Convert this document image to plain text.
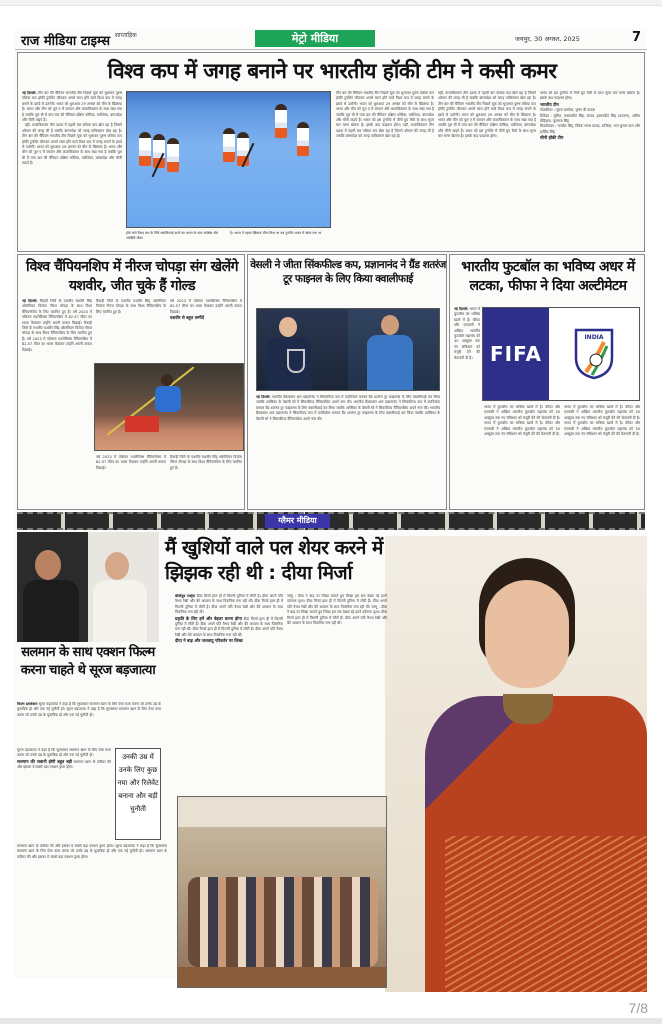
राज मीडिया टाइम्स साप्ताहिक	मेट्रो मीडिया	जयपुर, 30 अगस्त, 2025	7
विश्व कप में जगह बनाने पर भारतीय हॉकी टीम ने कसी कमर
नई दिल्ली। तीन बार की चैंपियन भारतीय टीम पिछले चूक को भुलाकर पुरुष एशिया कप हॉकी टूर्नामेंट जीतकर अगले साल होने वाले विश्व कप में जगह बनाने के इरादे से उतरेगी। भारत को शुरुआत 29 अगस्त को चीन के खिलाफ है। भारत और चीन को पूल ए में जापान और कजाकिस्तान के साथ रखा गया है जबकि पूल बी में पांच बार की चैंपियन दक्षिण कोरिया, मलेशिया, बांग्लादेश और चीनी ताइपे हैं।
वहीं, कजाकिस्तान तीन दशक में पहली बार एशिया कप खेल रहा है जिसने ओमान की जगह ली है जबकि बांग्लादेश को जगह पाकिस्तान खेल रहा है। तीन बार की चैंपियन भारतीय टीम पिछले चूक को भुलाकर पुरुष एशिया कप हॉकी टूर्नामेंट जीतकर अगले साल होने वाले विश्व कप में जगह बनाने के इरादे से उतरेगी। भारत को शुरुआत 29 अगस्त को चीन के खिलाफ है। भारत और चीन को पूल ए में जापान और कजाकिस्तान के साथ रखा गया है जबकि पूल बी में पांच बार की चैंपियन दक्षिण कोरिया, मलेशिया, बांग्लादेश और चीनी ताइपे हैं।
होने वाले विश्व कप के लिये क्वालिफाई करने का भारत के पास सर्वश्रेष्ठ और आखिरी मौका
है। भारत ने पहला खिताब जीता तिया था तब टूर्नामेंट भारत में खेला गया था
तीन बार की चैंपियन भारतीय टीम पिछले चूक को भुलाकर पुरुष एशिया कप हॉकी टूर्नामेंट जीतकर अगले साल होने वाले विश्व कप में जगह बनाने के इरादे से उतरेगी। भारत को शुरुआत 29 अगस्त को चीन के खिलाफ है। भारत और चीन को पूल ए में जापान और कजाकिस्तान के साथ रखा गया है जबकि पूल बी में पांच बार की चैंपियन दक्षिण कोरिया, मलेशिया, बांग्लादेश और चीनी ताइपे हैं। भारत को इस टूर्नामेंट में तीनों ग्रुप मैचों के साथ सुपर चार चरण खेलना है। इसके बाद फाइनल होगा। वहीं, कजाकिस्तान तीन दशक में पहली बार एशिया कप खेल रहा है जिसने ओमान की जगह ली है जबकि बांग्लादेश को जगह पाकिस्तान खेल रहा है।
वहीं, कजाकिस्तान तीन दशक में पहली बार एशिया कप खेल रहा है जिसने ओमान की जगह ली है जबकि बांग्लादेश को जगह पाकिस्तान खेल रहा है। तीन बार की चैंपियन भारतीय टीम पिछले चूक को भुलाकर पुरुष एशिया कप हॉकी टूर्नामेंट जीतकर अगले साल होने वाले विश्व कप में जगह बनाने के इरादे से उतरेगी। भारत को शुरुआत 29 अगस्त को चीन के खिलाफ है। भारत और चीन को पूल ए में जापान और कजाकिस्तान के साथ रखा गया है जबकि पूल बी में पांच बार की चैंपियन दक्षिण कोरिया, मलेशिया, बांग्लादेश और चीनी ताइपे हैं। भारत को इस टूर्नामेंट में तीनों ग्रुप मैचों के साथ सुपर चार चरण खेलना है। इसके बाद फाइनल होगा।
भारत को इस टूर्नामेंट में तीनों ग्रुप मैचों के साथ सुपर चार चरण खेलना है। इसके बाद फाइनल होगा।
भारतीय टीम
गोलकीपर : सूरज करकेरा, कृष्ण बी पाठक
डिफेंडर : सुमित, जरमनप्रीत सिंह, संजय, हरमनप्रीत सिंह (कप्तान), अमित रोहिदास, जुगराज सिंह
मिडफील्डर : मनप्रीत सिंह, विवेक सागर प्रसाद, राजिंदर, राज कुमार पाल और हार्दिक सिंह
चीनी हॉकी टीम
विश्व चैंपियनशिप में नीरज चोपड़ा संग खेलेंगे यशवीर, जीत चुके हैं गोल्ड
नई दिल्ली। रिवाड़ी जिले के एथलीट यशवीर सिंह ओलंपियन विजेता नीरज चोपड़ा के साथ विश्व चैंपियनशिप के लिए चयनित हुए हैं। वर्ष 2023 में एशियन एथलेटिक्स चैंपियनशिप में 82.57 मीटर का भाला फेंककर उन्होंने अपनी ताकत दिखाई। रिवाड़ी जिले के एथलीट यशवीर सिंह ओलंपियन विजेता नीरज चोपड़ा के साथ विश्व चैंपियनशिप के लिए चयनित हुए हैं। वर्ष 2023 में एशियन एथलेटिक्स चैंपियनशिप में 82.57 मीटर का भाला फेंककर उन्होंने अपनी ताकत दिखाई।
रिवाड़ी जिले के एथलीट यशवीर सिंह ओलंपियन विजेता नीरज चोपड़ा के साथ विश्व चैंपियनशिप के लिए चयनित हुए हैं।
वर्ष 2023 में एशियन एथलेटिक्स चैंपियनशिप में 82.57 मीटर का भाला फेंककर उन्होंने अपनी ताकत दिखाई।
यशवीर से बहुत उम्मीदें
वर्ष 2023 में एशियन एथलेटिक्स चैंपियनशिप में 82.57 मीटर का भाला फेंककर उन्होंने अपनी ताकत दिखाई।
रिवाड़ी जिले के एथलीट यशवीर सिंह ओलंपियन विजेता नीरज चोपड़ा के साथ विश्व चैंपियनशिप के लिए चयनित हुए हैं।
वेसली ने जीता सिंकफील्ड कप, प्रज्ञानानंद ने ग्रैंड शतरंज टूर फाइनल के लिए किया क्वालीफाई
नई दिल्ली। भारतीय ग्रैंडमास्टर आर प्रज्ञानानंद ने सिंकफील्ड कप में उपविजेता बनकर ग्रैंड शतरंज टूर फाइनल्स के लिए क्वालीफाई कर लिया जबकि अमेरिका के वेसली सो ने सिंकफील्ड चैंपियनशिप अपने नाम की। भारतीय ग्रैंडमास्टर आर प्रज्ञानानंद ने सिंकफील्ड कप में उपविजेता बनकर ग्रैंड शतरंज टूर फाइनल्स के लिए क्वालीफाई कर लिया जबकि अमेरिका के वेसली सो ने सिंकफील्ड चैंपियनशिप अपने नाम की। भारतीय ग्रैंडमास्टर आर प्रज्ञानानंद ने सिंकफील्ड कप में उपविजेता बनकर ग्रैंड शतरंज टूर फाइनल्स के लिए क्वालीफाई कर लिया जबकि अमेरिका के वेसली सो ने सिंकफील्ड चैंपियनशिप अपने नाम की।
भारतीय फुटबॉल का भविष्य अधर में लटका, फीफा ने दिया अल्टीमेटम
नई दिल्ली। भारत में फुटबॉल का भविष्य खतरे में है। फीफा और एएफसी ने अखिल भारतीय फुटबॉल महासंघ को 30 अक्टूबर तक नए संविधान को मंजूरी देने की चेतावनी दी है। FIFA
INDIA
भारत में फुटबॉल का भविष्य खतरे में है। फीफा और एएफसी ने अखिल भारतीय फुटबॉल महासंघ को 30 अक्टूबर तक नए संविधान को मंजूरी देने की चेतावनी दी है। भारत में फुटबॉल का भविष्य खतरे में है। फीफा और एएफसी ने अखिल भारतीय फुटबॉल महासंघ को 30 अक्टूबर तक नए संविधान को मंजूरी देने की चेतावनी दी है।
भारत में फुटबॉल का भविष्य खतरे में है। फीफा और एएफसी ने अखिल भारतीय फुटबॉल महासंघ को 30 अक्टूबर तक नए संविधान को मंजूरी देने की चेतावनी दी है। भारत में फुटबॉल का भविष्य खतरे में है। फीफा और एएफसी ने अखिल भारतीय फुटबॉल महासंघ को 30 अक्टूबर तक नए संविधान को मंजूरी देने की चेतावनी दी है।
ग्लैमर मीडिया
सलमान के साथ एक्शन फिल्म करना चाहते थे सूरज बड़जात्या
फिल्म डायरेक्टर सूरज बड़जात्या ने कहा है कि सुपरस्टार सलमान खान के लिए ऐसा काम करना जो उनके उम्र के मुताबिक हो और एक नई चुनौती हो। सूरज बड़जात्या ने कहा है कि सुपरस्टार सलमान खान के लिए ऐसा काम करना जो उनके उम्र के मुताबिक हो और एक नई चुनौती हो।
सूरज बड़जात्या ने कहा है कि सुपरस्टार सलमान खान के लिए ऐसा काम करना जो उनके उम्र के मुताबिक हो और एक नई चुनौती हो।
सलमान की जवानी होगी बहुत बड़ी सलमान खान के करियर की और इसका ये सबसे बड़ा एक्शन ड्रामा होगा।
उनकी उम्र में उनके लिए कुछ नया और रिलेवेंट बनाना और बड़ी चुनौती
सलमान खान के करियर की और इसका ये सबसे बड़ा एक्शन ड्रामा होगा। सूरज बड़जात्या ने कहा है कि सुपरस्टार सलमान खान के लिए ऐसा काम करना जो उनके उम्र के मुताबिक हो और एक नई चुनौती हो। सलमान खान के करियर की और इसका ये सबसे बड़ा एक्शन ड्रामा होगा।
मैं खुशियों वाले पल शेयर करने में झिझक रही थी : दीया मिर्जा
बॉलीवुड एक्ट्रेस दीया मिर्जा हाल ही में फिल्मी दुनिया में लौटी हैं। दीया अपने पति वैभव रेखी और बेटे अव्यान के साथ पिकनिक मना रही थीं। दीया मिर्जा हाल ही में फिल्मी दुनिया में लौटी हैं। दीया अपने पति वैभव रेखी और बेटे अव्यान के साथ पिकनिक मना रही थीं।
प्रकृति के लिए हमें और बेहतर करना होगा दीया मिर्जा हाल ही में फिल्मी दुनिया में लौटी हैं। दीया अपने पति वैभव रेखी और बेटे अव्यान के साथ पिकनिक मना रही थीं। दीया मिर्जा हाल ही में फिल्मी दुनिया में लौटी हैं। दीया अपने पति वैभव रेखी और बेटे अव्यान के साथ पिकनिक मना रही थीं।
दीया ने बाढ़ और जलवायु परिवर्तन पर लिखा
जम्मू : दीया ने बाढ़ पर लिखा जताते हुए लिखा हम सब देखत रहे इतने दर्दनाक दृश्य। दीया मिर्जा हाल ही में फिल्मी दुनिया में लौटी हैं। दीया अपने पति वैभव रेखी और बेटे अव्यान के साथ पिकनिक मना रही थीं। जम्मू : दीया ने बाढ़ पर लिखा जताते हुए लिखा हम सब देखत रहे इतने दर्दनाक दृश्य। दीया मिर्जा हाल ही में फिल्मी दुनिया में लौटी हैं। दीया अपने पति वैभव रेखी और बेटे अव्यान के साथ पिकनिक मना रही थीं।
7/8
